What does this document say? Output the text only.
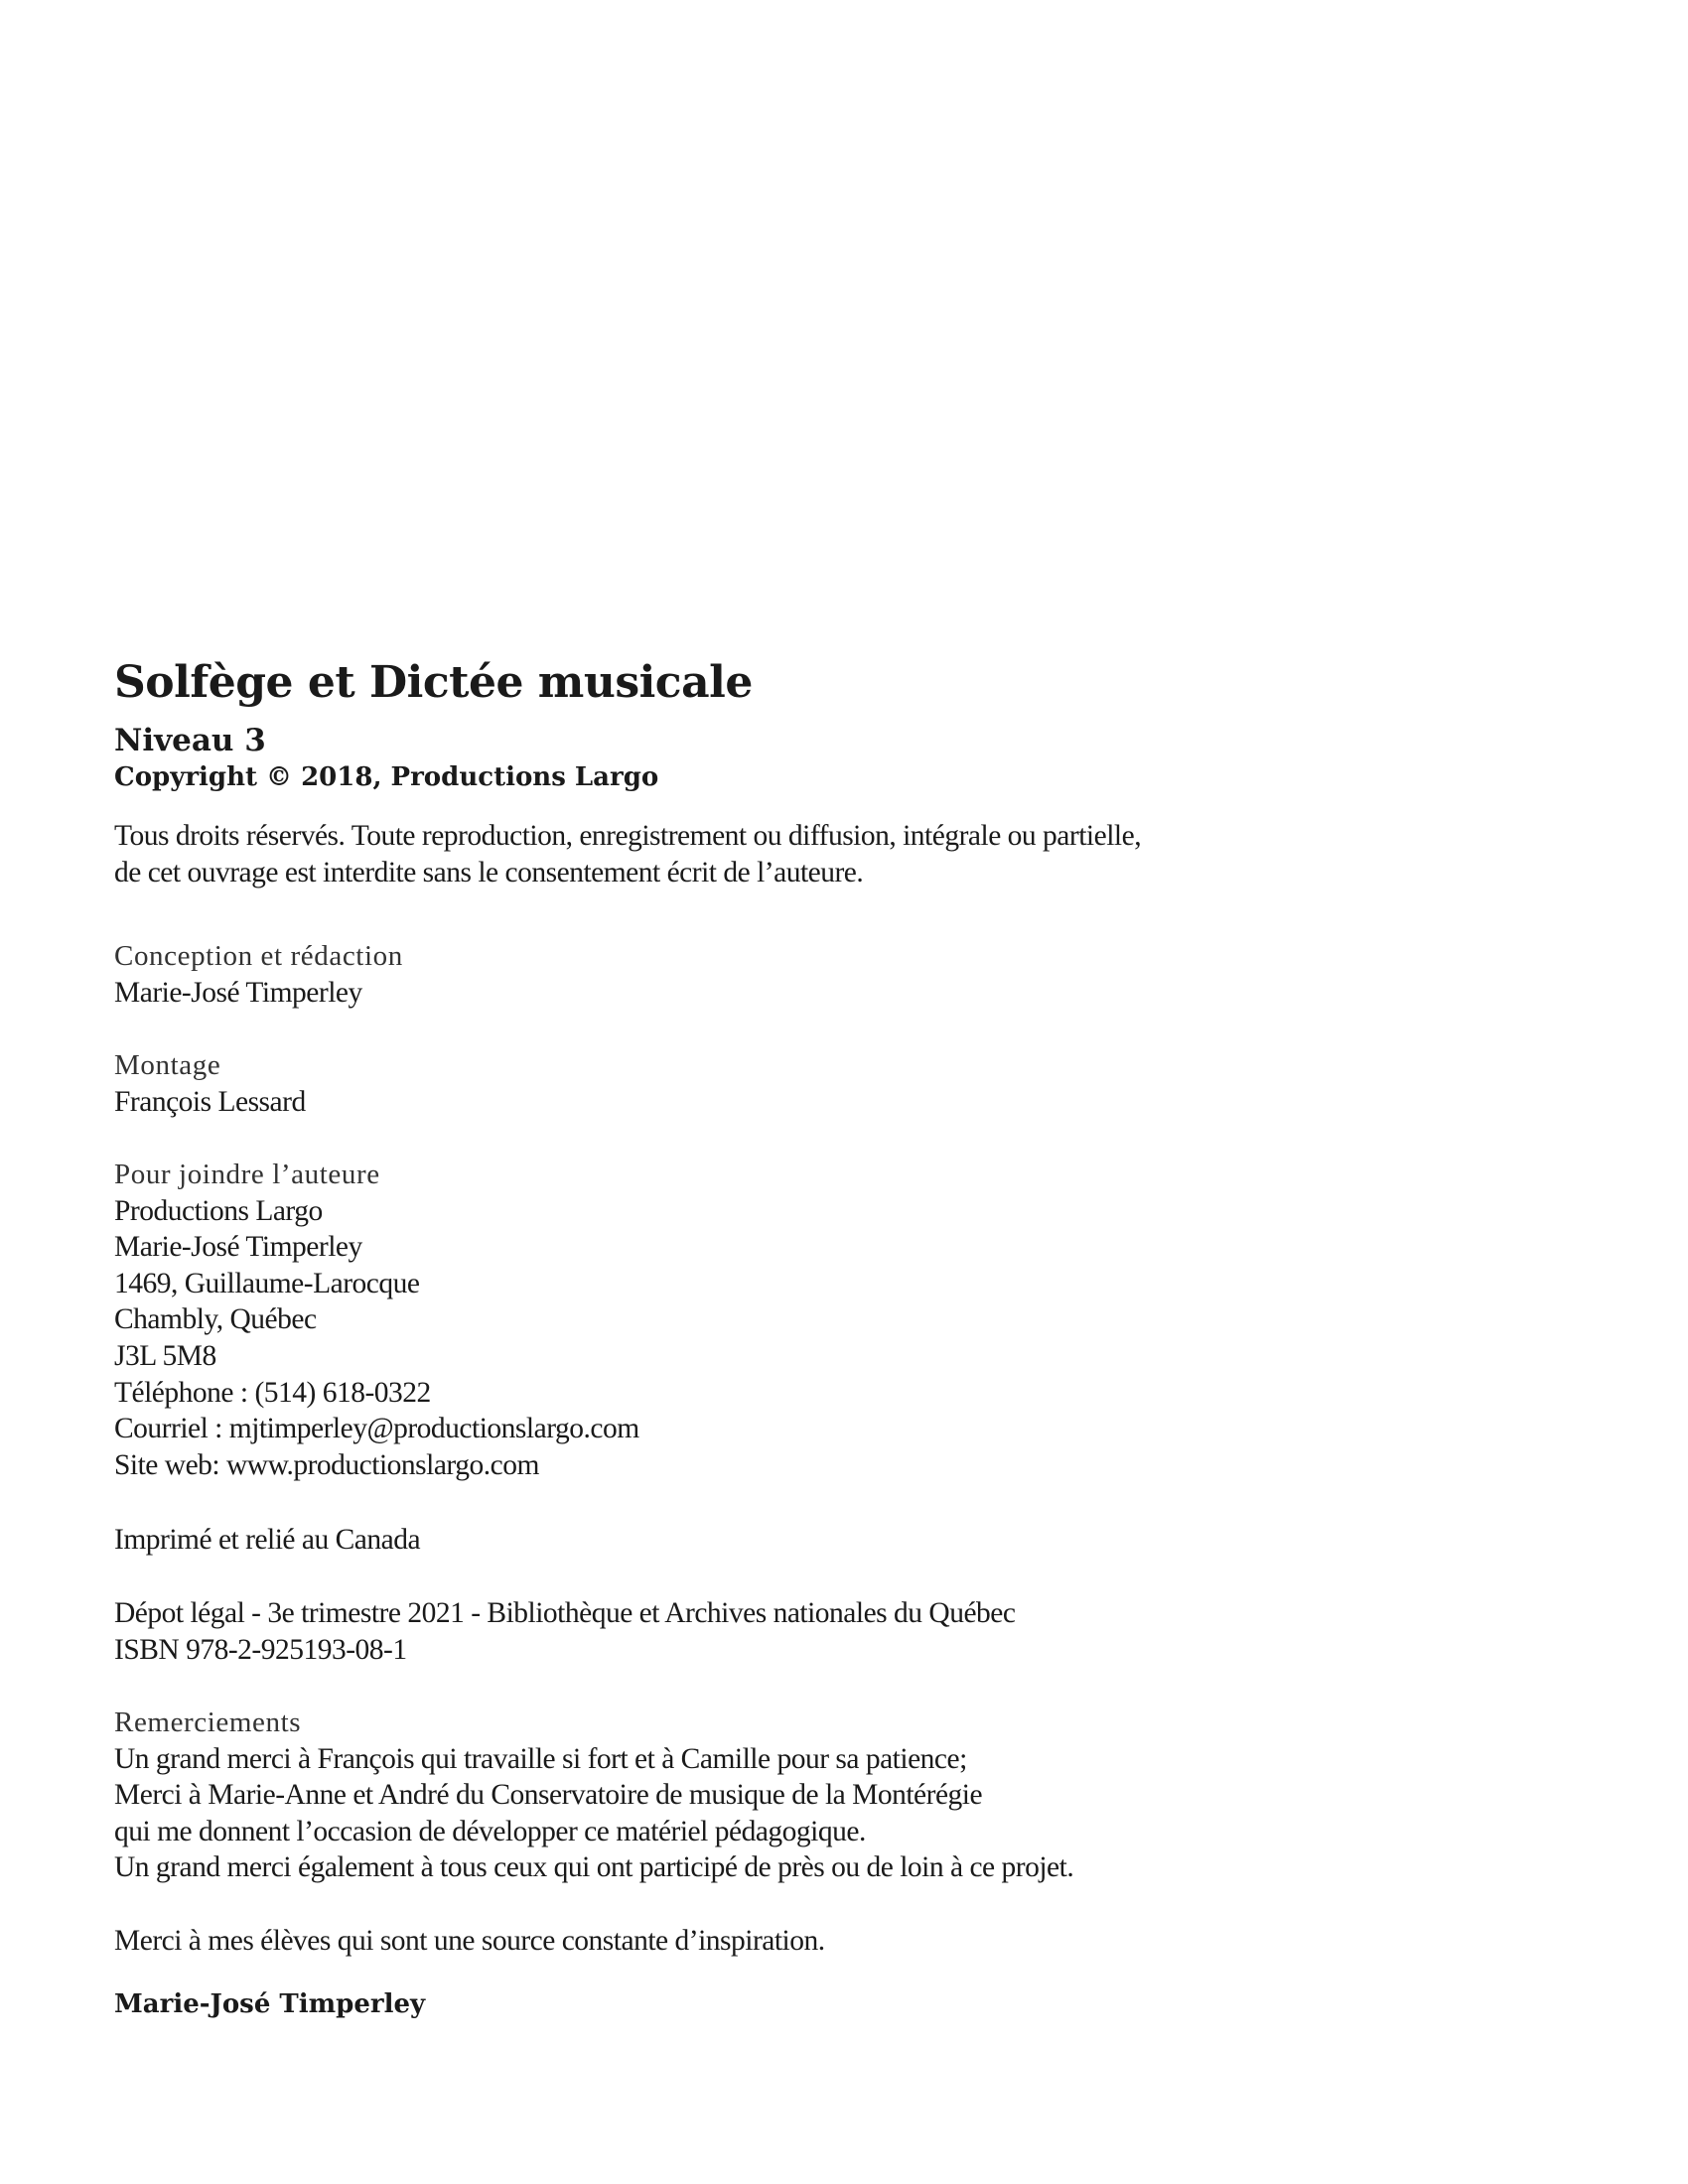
Solfège et Dictée musicale
Niveau 3
Copyright © 2018, Productions Largo
Tous droits réservés. Toute reproduction, enregistrement ou diffusion, intégrale ou partielle,
de cet ouvrage est interdite sans le consentement écrit de l’auteure.
Conception et rédaction
Marie-José Timperley
Montage
François Lessard
Pour joindre l’auteure
Productions Largo
Marie-José Timperley
1469, Guillaume-Larocque
Chambly, Québec
J3L 5M8
Téléphone : (514) 618-0322
Courriel : mjtimperley@productionslargo.com
Site web: www.productionslargo.com
Imprimé et relié au Canada
Dépot légal - 3e trimestre 2021 - Bibliothèque et Archives nationales du Québec
ISBN 978-2-925193-08-1
Remerciements
Un grand merci à François qui travaille si fort et à Camille pour sa patience;
Merci à Marie-Anne et André du Conservatoire de musique de la Montérégie
qui me donnent l’occasion de développer ce matériel pédagogique.
Un grand merci également à tous ceux qui ont participé de près ou de loin à ce projet.
Merci à mes élèves qui sont une source constante d’inspiration.
Marie-José Timperley
